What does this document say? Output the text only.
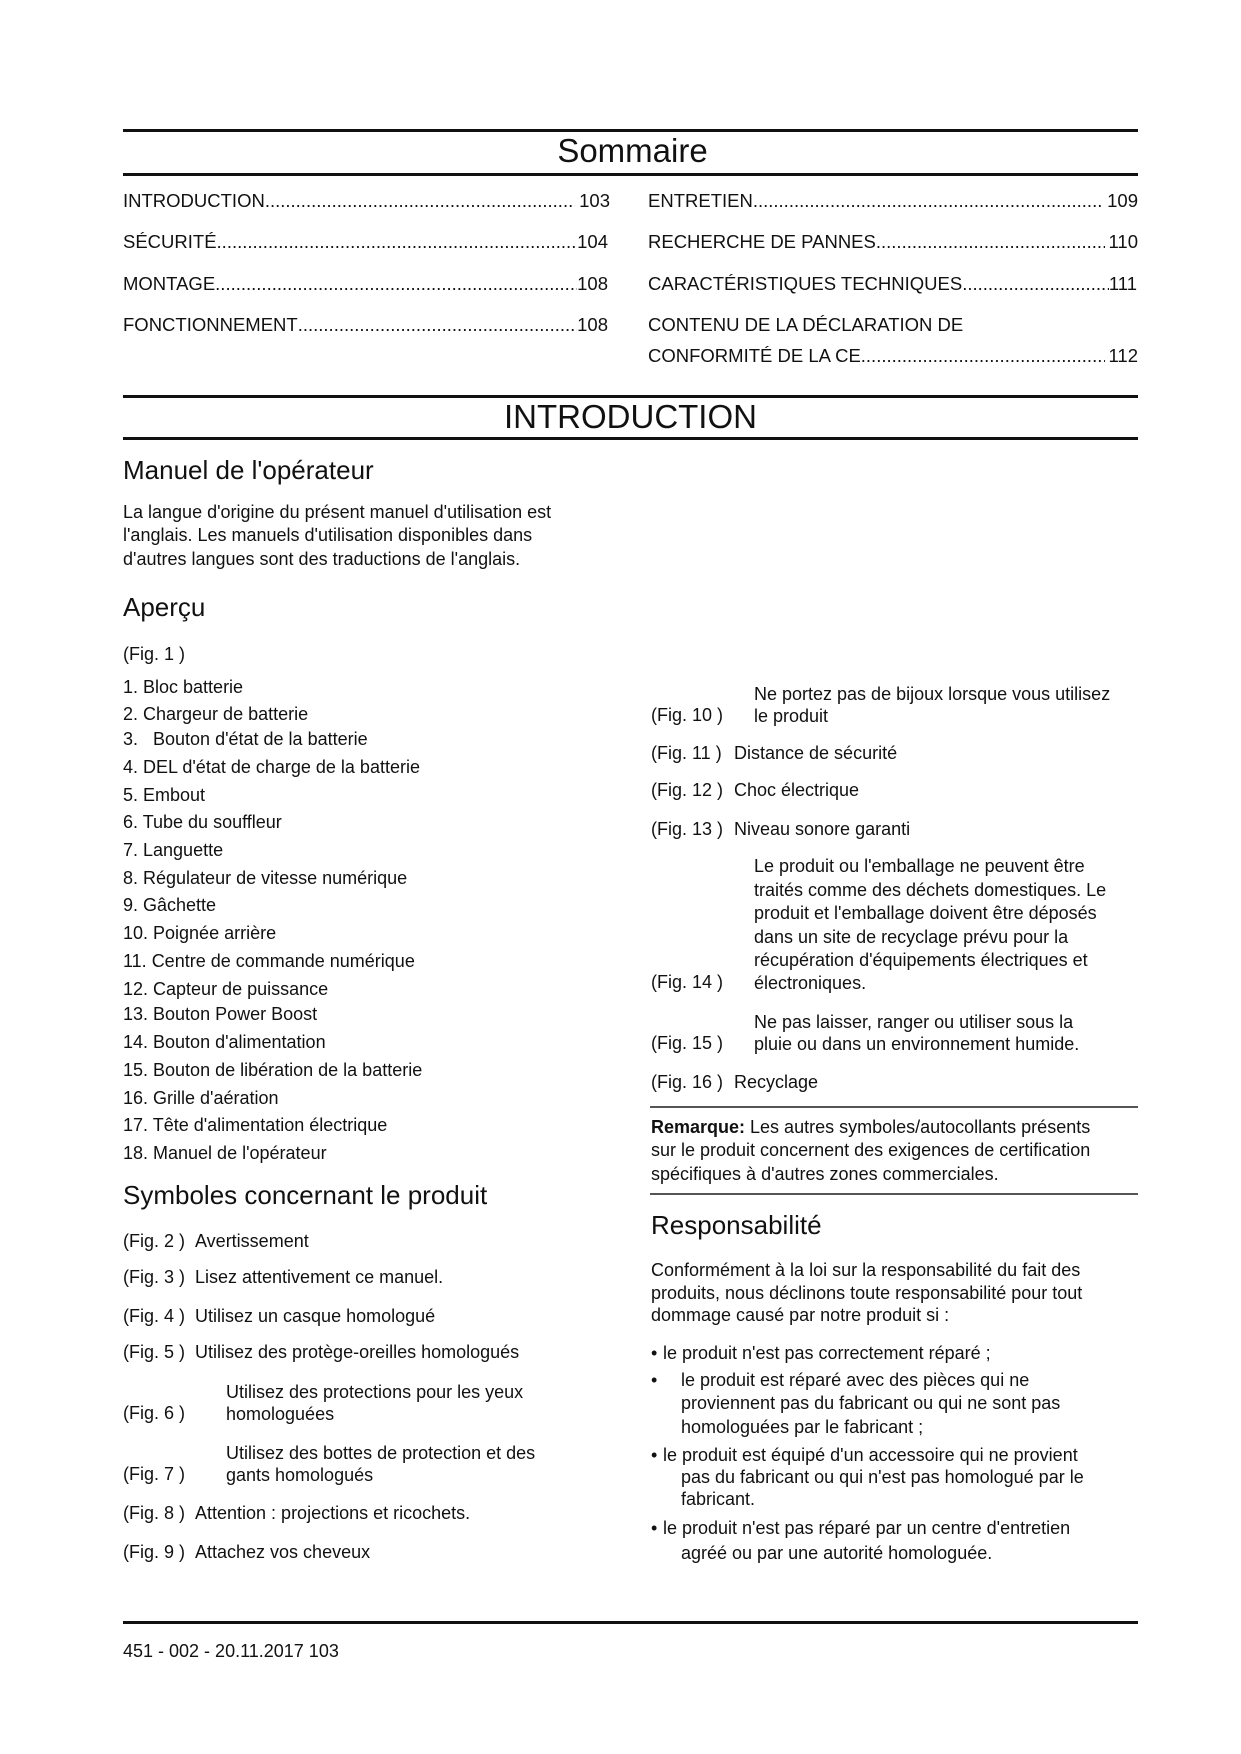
Sommaire
INTRODUCTION .....	103
SÉCURITÉ .....	104
MONTAGE .....	108
FONCTIONNEMENT .....	108
ENTRETIEN .....	109
RECHERCHE DE PANNES .....	110
CARACTÉRISTIQUES TECHNIQUES .....	111
CONTENU DE LA DÉCLARATION DE
CONFORMITÉ DE LA CE .....	112
INTRODUCTION
Manuel de l'opérateur
La langue d'origine du présent manuel d'utilisation est
l'anglais. Les manuels d'utilisation disponibles dans
d'autres langues sont des traductions de l'anglais.
Aperçu
(Fig. 1 )
1. Bloc batterie
2. Chargeur de batterie
3.   Bouton d'état de la batterie
4. DEL d'état de charge de la batterie
5. Embout
6. Tube du souffleur
7. Languette
8. Régulateur de vitesse numérique
9. Gâchette
10. Poignée arrière
11. Centre de commande numérique
12. Capteur de puissance
13. Bouton Power Boost
14. Bouton d'alimentation
15. Bouton de libération de la batterie
16. Grille d'aération
17. Tête d'alimentation électrique
18. Manuel de l'opérateur
Symboles concernant le produit
(Fig. 2 ) Avertissement
(Fig. 3 ) Lisez attentivement ce manuel.
(Fig. 4 ) Utilisez un casque homologué
(Fig. 5 ) Utilisez des protège-oreilles homologués
(Fig. 6 )
Utilisez des protections pour les yeux
homologuées
(Fig. 7 )
Utilisez des bottes de protection et des
gants homologués
(Fig. 8 ) Attention : projections et ricochets.
(Fig. 9 ) Attachez vos cheveux
(Fig. 10 )
Ne portez pas de bijoux lorsque vous utilisez
le produit
(Fig. 11 ) Distance de sécurité
(Fig. 12 ) Choc électrique
(Fig. 13 ) Niveau sonore garanti
(Fig. 14 )
Le produit ou l'emballage ne peuvent être
traités comme des déchets domestiques. Le
produit et l'emballage doivent être déposés
dans un site de recyclage prévu pour la
récupération d'équipements électriques et
électroniques.
(Fig. 15 )
Ne pas laisser, ranger ou utiliser sous la
pluie ou dans un environnement humide.
(Fig. 16 ) Recyclage
Remarque: Les autres symboles/autocollants présents
sur le produit concernent des exigences de certification
spécifiques à d'autres zones commerciales.
Responsabilité
Conformément à la loi sur la responsabilité du fait des
produits, nous déclinons toute responsabilité pour tout
dommage causé par notre produit si :
• le produit n'est pas correctement réparé ;
• le produit est réparé avec des pièces qui ne
proviennent pas du fabricant ou qui ne sont pas
homologuées par le fabricant ;
• le produit est équipé d'un accessoire qui ne provient
pas du fabricant ou qui n'est pas homologué par le
fabricant.
• le produit n'est pas réparé par un centre d'entretien
agréé ou par une autorité homologuée.
451 - 002 - 20.11.2017 103
